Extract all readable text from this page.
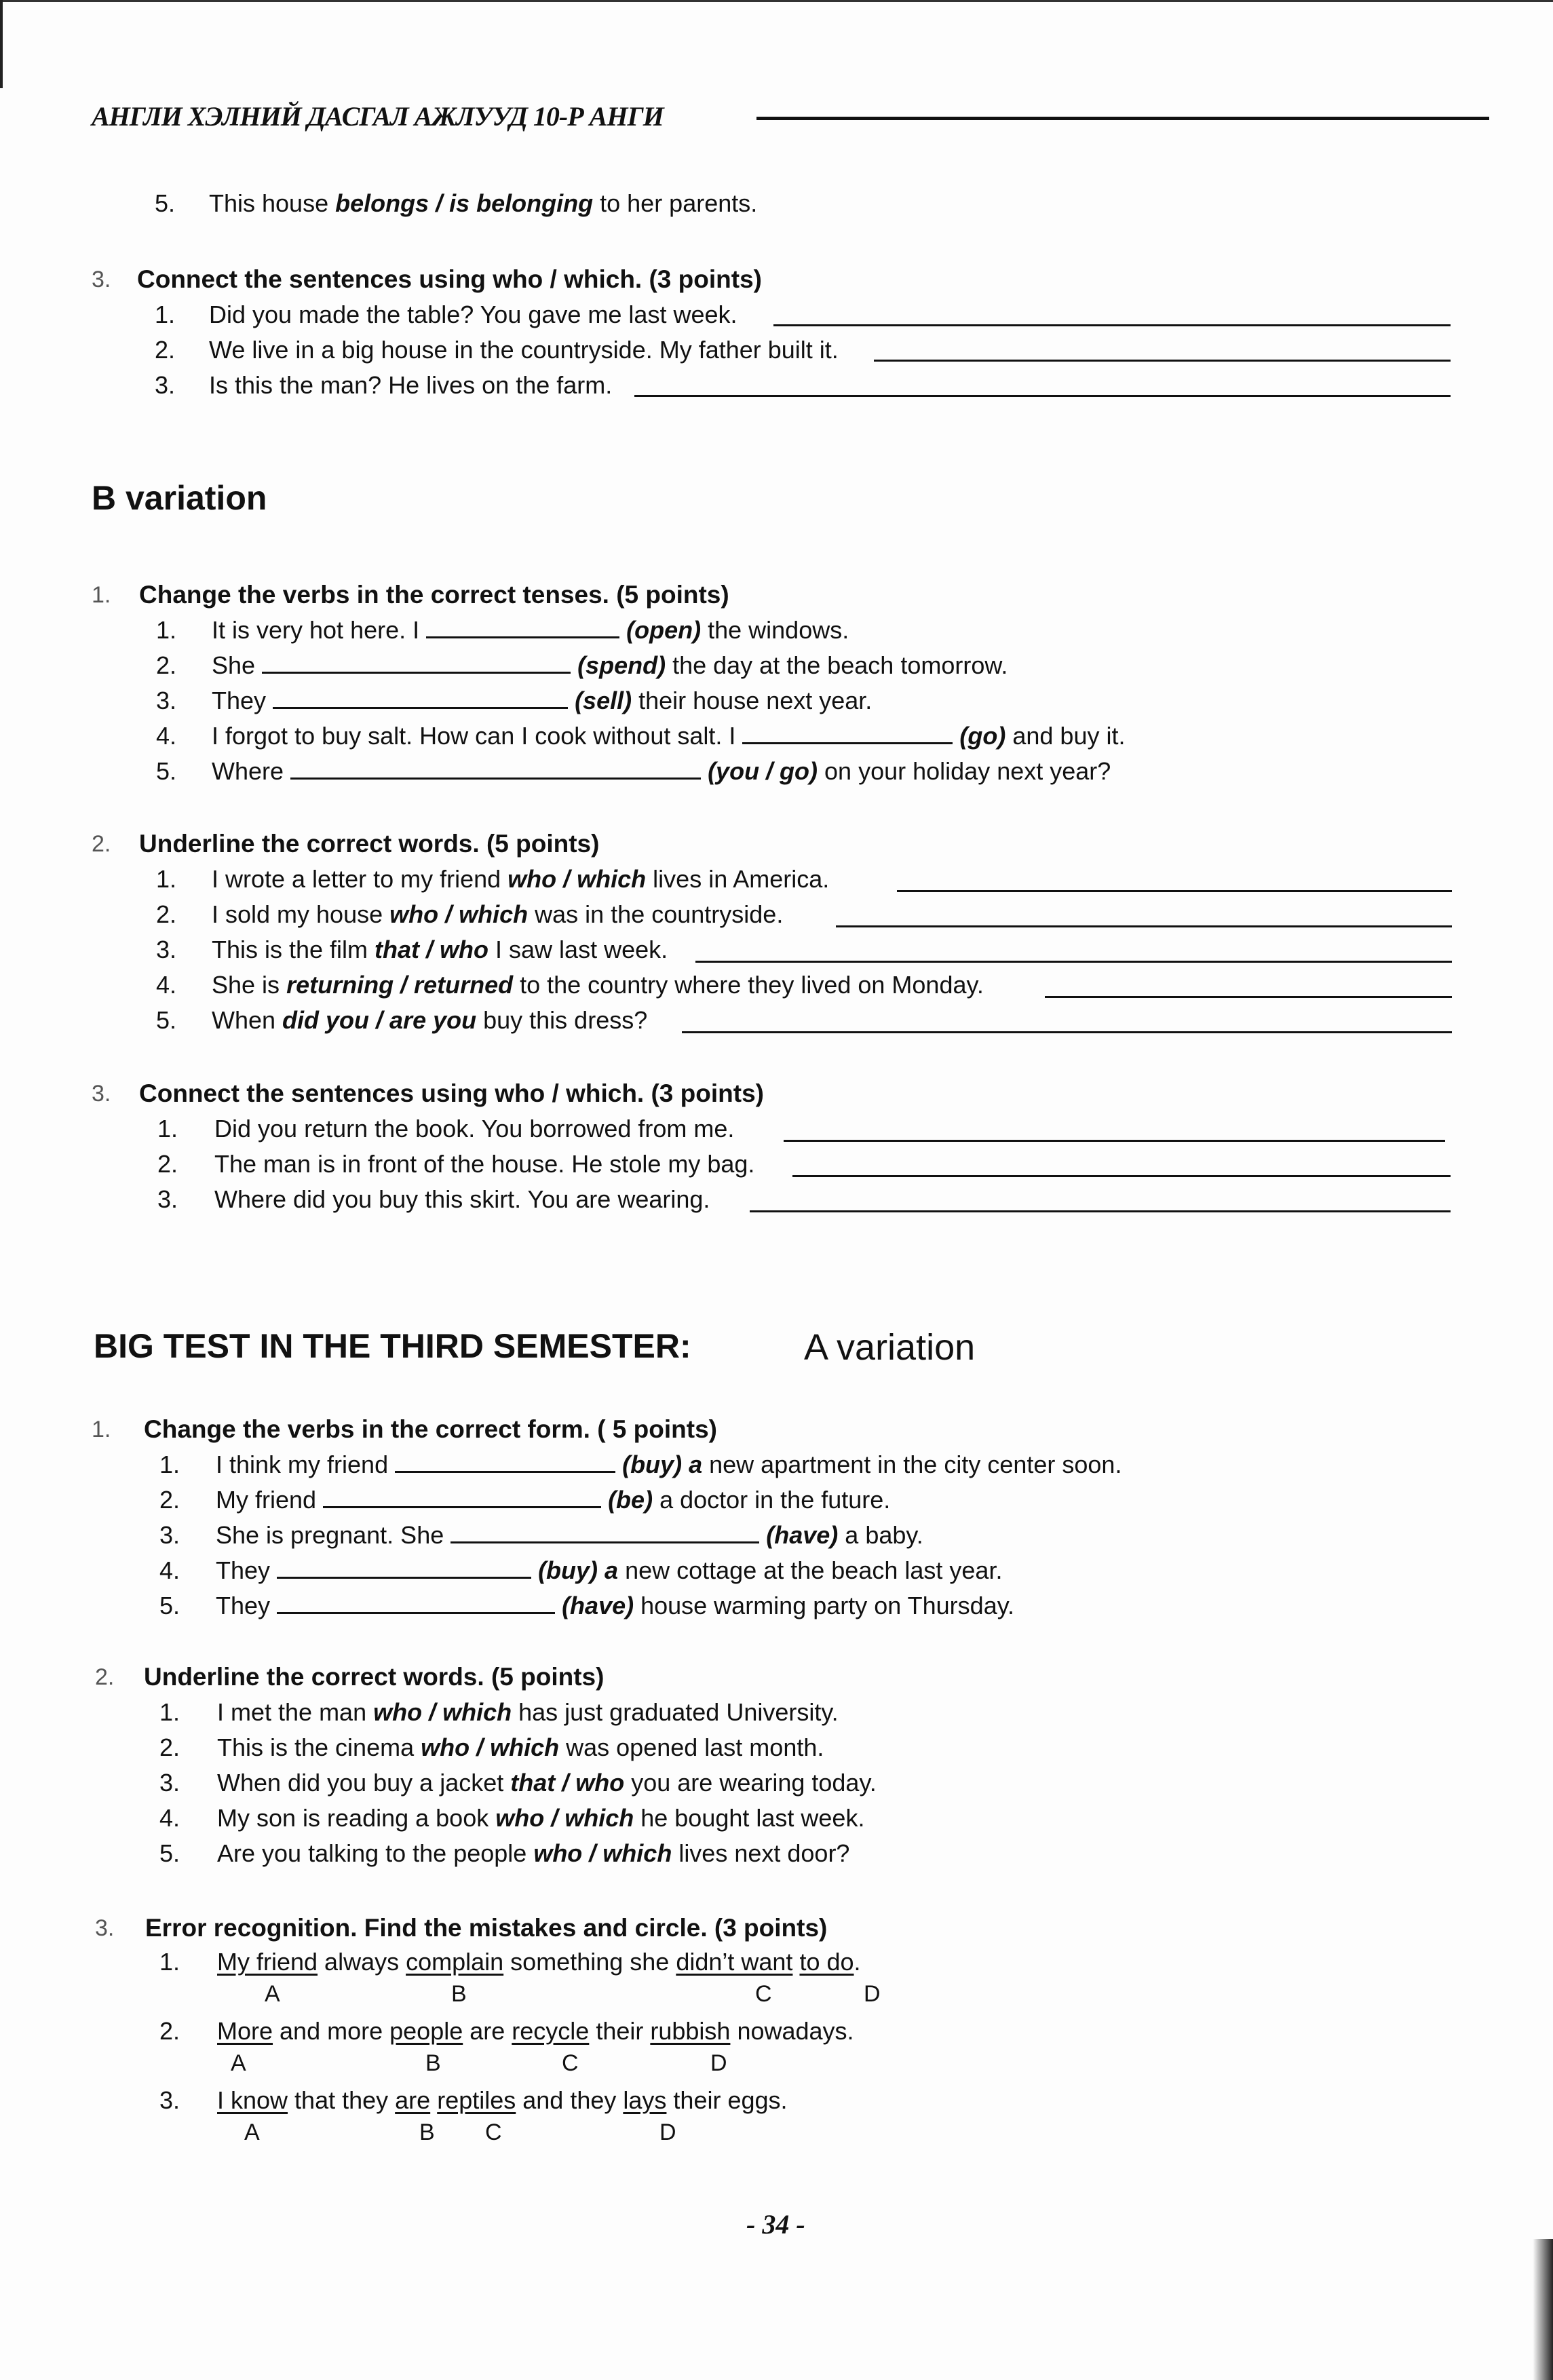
АНГЛИ ХЭЛНИЙ ДАСГАЛ АЖЛУУД 10-Р АНГИ
5. This house belongs / is belonging to her parents.
3. Connect the sentences using who / which. (3 points)
1. Did you made the table? You gave me last week.
2. We live in a big house in the countryside. My father built it.
3. Is this the man? He lives on the farm.
B variation
1. Change the verbs in the correct tenses. (5 points)
1. It is very hot here. I	(open) the windows.
2. She	(spend) the day at the beach tomorrow.
3. They	(sell) their house next year.
4. I forgot to buy salt. How can I cook without salt. I	(go) and buy it.
5. Where	(you / go) on your holiday next year?
2. Underline the correct words. (5 points)
1. I wrote a letter to my friend who / which lives in America.
2. I sold my house who / which was in the countryside.
3. This is the film that / who I saw last week.
4. She is returning / returned to the country where they lived on Monday.
5. When did you / are you buy this dress?
3. Connect the sentences using who / which. (3 points)
1. Did you return the book. You borrowed from me.
2. The man is in front of the house. He stole my bag.
3. Where did you buy this skirt. You are wearing.
BIG TEST IN THE THIRD SEMESTER:	A variation
1. Change the verbs in the correct form. ( 5 points)
1. I think my friend	(buy) a new apartment in the city center soon.
2. My friend	(be) a doctor in the future.
3. She is pregnant. She	(have) a baby.
4. They	(buy) a new cottage at the beach last year.
5. They	(have) house warming party on Thursday.
2. Underline the correct words. (5 points)
1. I met the man who / which has just graduated University.
2. This is the cinema who / which was opened last month.
3. When did you buy a jacket that / who you are wearing today.
4. My son is reading a book who / which he bought last week.
5. Are you talking to the people who / which lives next door?
3. Error recognition. Find the mistakes and circle. (3 points)
1. My friend always complain something she didn’t want to do.
A	B	C	D
2. More and more people are recycle their rubbish nowadays.
A	B	C	D
3. I know that they are reptiles and they lays their eggs.
A	B C	D
- 34 -
